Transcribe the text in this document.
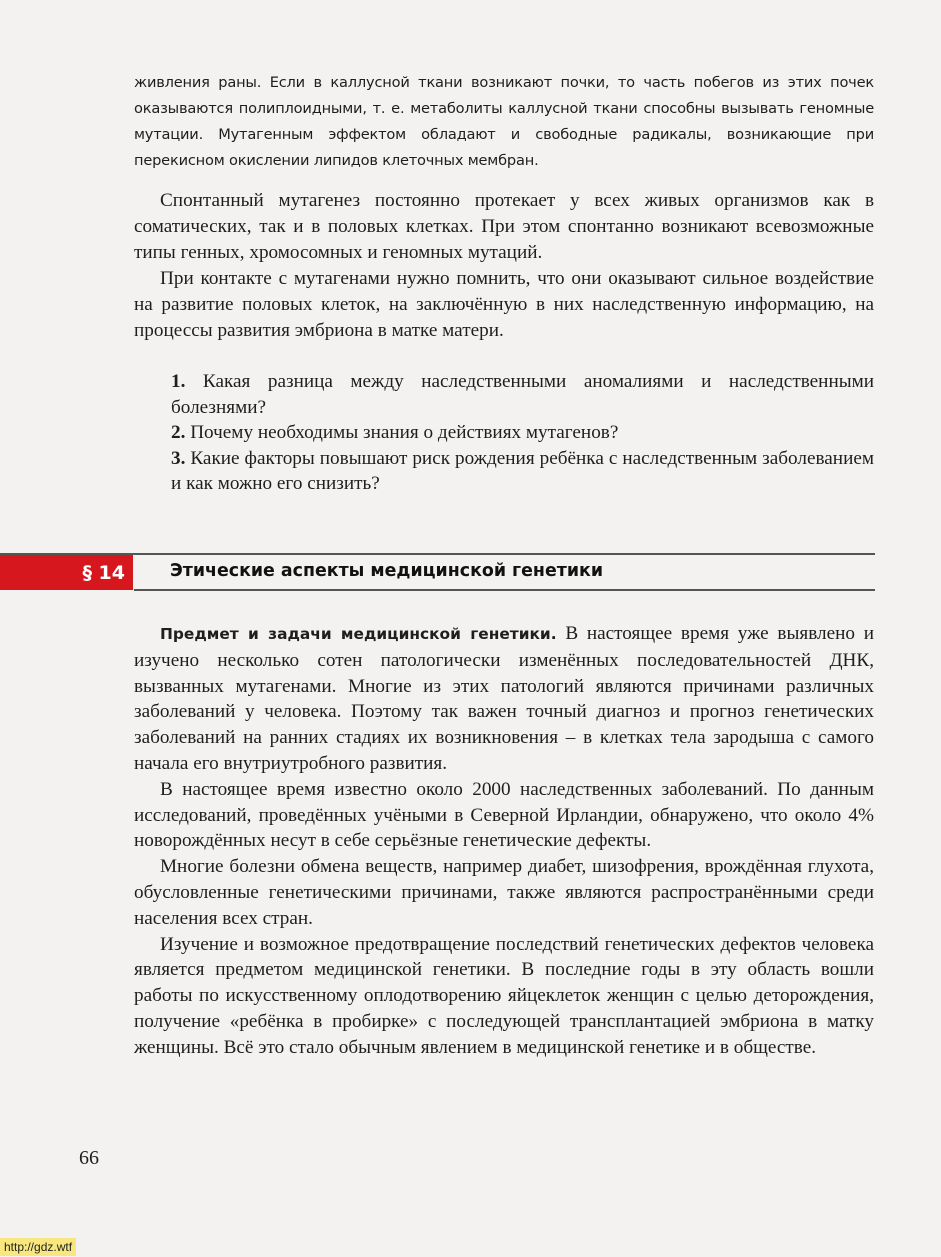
живления раны. Если в каллусной ткани возникают почки, то часть побегов из этих почек оказываются полиплоидными, т. е. метаболиты каллусной ткани способны вызывать геномные мутации. Мутагенным эффектом обладают и свободные радикалы, возникающие при перекисном окислении липидов клеточных мембран.

Спонтанный мутагенез постоянно протекает у всех живых организмов как в соматических, так и в половых клетках. При этом спонтанно возникают всевозможные типы генных, хромосомных и геномных мутаций.

При контакте с мутагенами нужно помнить, что они оказывают сильное воздействие на развитие половых клеток, на заключённую в них наследственную информацию, на процессы развития эмбриона в матке матери.

1. Какая разница между наследственными аномалиями и наследственными болезнями?

2. Почему необходимы знания о действиях мутагенов?

3. Какие факторы повышают риск рождения ребёнка с наследственным заболеванием и как можно его снизить?

§ 14	Этические аспекты медицинской генетики

Предмет и задачи медицинской генетики. В настоящее время уже выявлено и изучено несколько сотен патологически изменённых последовательностей ДНК, вызванных мутагенами. Многие из этих патологий являются причинами различных заболеваний у человека. Поэтому так важен точный диагноз и прогноз генетических заболеваний на ранних стадиях их возникновения – в клетках тела зародыша с самого начала его внутриутробного развития.

В настоящее время известно около 2000 наследственных заболеваний. По данным исследований, проведённых учёными в Северной Ирландии, обнаружено, что около 4% новорождённых несут в себе серьёзные генетические дефекты.

Многие болезни обмена веществ, например диабет, шизофрения, врождённая глухота, обусловленные генетическими причинами, также являются распространёнными среди населения всех стран.

Изучение и возможное предотвращение последствий генетических дефектов человека является предметом медицинской генетики. В последние годы в эту область вошли работы по искусственному оплодотворению яйцеклеток женщин с целью деторождения, получение «ребёнка в пробирке» с последующей трансплантацией эмбриона в матку женщины. Всё это стало обычным явлением в медицинской генетике и в обществе.

66
http://gdz.wtf
